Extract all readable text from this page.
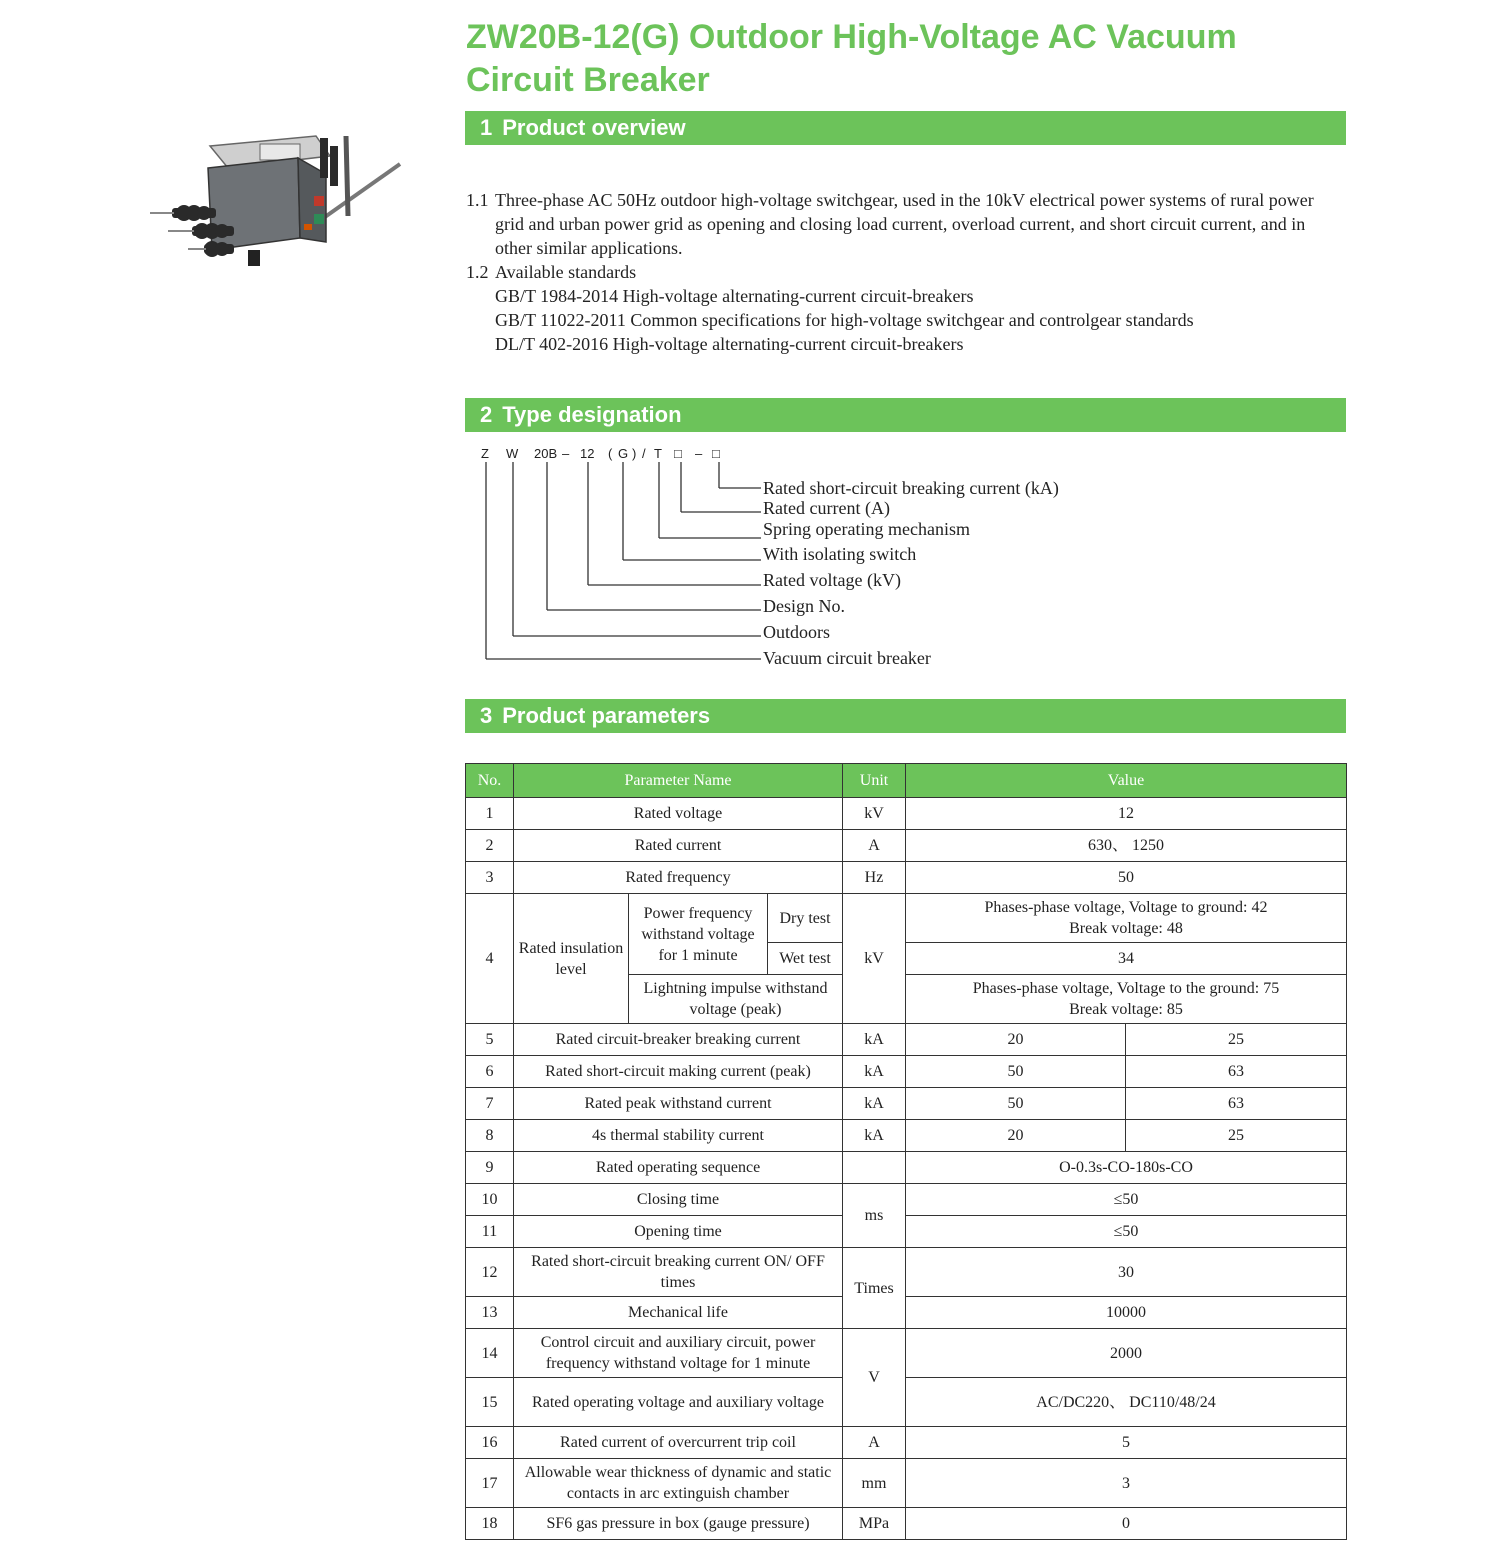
ZW20B-12(G) Outdoor High-Voltage AC Vacuum Circuit Breaker
1 Product overview
1.1 Three-phase AC 50Hz outdoor high-voltage switchgear, used in the 10kV electrical power systems of rural power grid and urban power grid as opening and closing load current, overload current, and short circuit current, and in other similar applications.
1.2 Available standards
GB/T 1984-2014 High-voltage alternating-current circuit-breakers
GB/T 11022-2011 Common specifications for high-voltage switchgear and controlgear standards
DL/T 402-2016 High-voltage alternating-current circuit-breakers
2 Type designation
Z W 20B – 12 ( G ) / T □ – □
Rated short-circuit breaking current (kA)
Rated current (A)
Spring operating mechanism
With isolating switch
Rated voltage (kV)
Design No.
Outdoors
Vacuum circuit breaker
3 Product parameters
No.	Parameter Name			Unit	Value	
1	Rated voltage			kV	12	
2	Rated current			A	630、 1250	
3	Rated frequency			Hz	50	
4	Rated insulation level	Power frequency withstand voltage for 1 minute	Dry test	kV	Phases-phase voltage, Voltage to ground: 42
Break voltage: 48	
			Wet test		34	
		Lightning impulse withstand voltage (peak)			Phases-phase voltage, Voltage to the ground: 75
Break voltage: 85	
5	Rated circuit-breaker breaking current			kA	20	25
6	Rated short-circuit making current (peak)			kA	50	63
7	Rated peak withstand current			kA	50	63
8	4s thermal stability current			kA	20	25
9	Rated operating sequence				O-0.3s-CO-180s-CO	
10	Closing time			ms	≤50	
11	Opening time				≤50	
12	Rated short-circuit breaking current ON/ OFF times			Times	30	
13	Mechanical life				10000	
14	Control circuit and auxiliary circuit, power frequency withstand voltage for 1 minute			V	2000	
15	Rated operating voltage and auxiliary voltage				AC/DC220、 DC110/48/24	
16	Rated current of overcurrent trip coil			A	5	
17	Allowable wear thickness of dynamic and static contacts in arc extinguish chamber			mm	3	
18	SF6 gas pressure in box (gauge pressure)			MPa	0	
